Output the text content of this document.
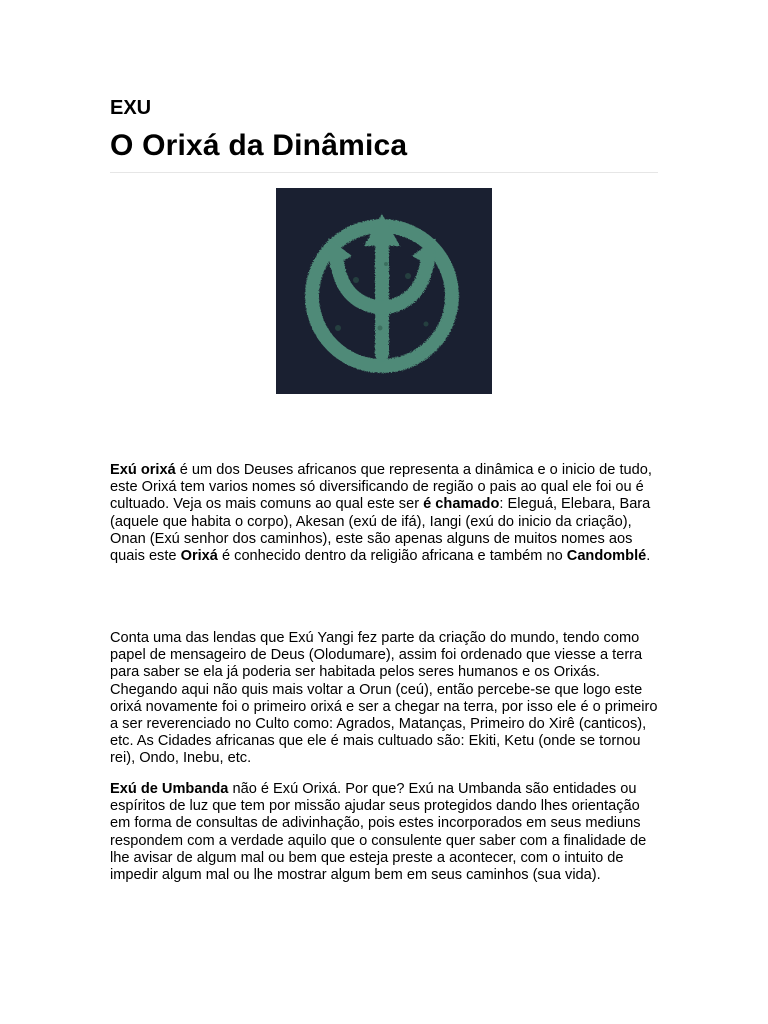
EXU
O Orixá da Dinâmica

Exú orixá é um dos Deuses africanos que representa a dinâmica e o inicio de tudo, este Orixá tem varios nomes só diversificando de região o pais ao qual ele foi ou é cultuado. Veja os mais comuns ao qual este ser é chamado: Eleguá, Elebara, Bara (aquele que habita o corpo), Akesan (exú de ifá), Iangi (exú do inicio da criação), Onan (Exú senhor dos caminhos), este são apenas alguns de muitos nomes aos quais este Orixá é conhecido dentro da religião africana e também no Candomblé.

Conta uma das lendas que Exú Yangi fez parte da criação do mundo, tendo como papel de mensageiro de Deus (Olodumare), assim foi ordenado que viesse a terra para saber se ela já poderia ser habitada pelos seres humanos e os Orixás. Chegando aqui não quis mais voltar a Orun (ceú), então percebe-se que logo este orixá novamente foi o primeiro orixá e ser a chegar na terra, por isso ele é o primeiro a ser reverenciado no Culto como: Agrados, Matanças, Primeiro do Xirê (canticos), etc. As Cidades africanas que ele é mais cultuado são: Ekiti, Ketu (onde se tornou rei), Ondo, Inebu, etc.

Exú de Umbanda não é Exú Orixá. Por que? Exú na Umbanda são entidades ou espíritos de luz que tem por missão ajudar seus protegidos dando lhes orientação em forma de consultas de adivinhação, pois estes incorporados em seus mediuns respondem com a verdade aquilo que o consulente quer saber com a finalidade de lhe avisar de algum mal ou bem que esteja preste a acontecer, com o intuito de impedir algum mal ou lhe mostrar algum bem em seus caminhos (sua vida).
